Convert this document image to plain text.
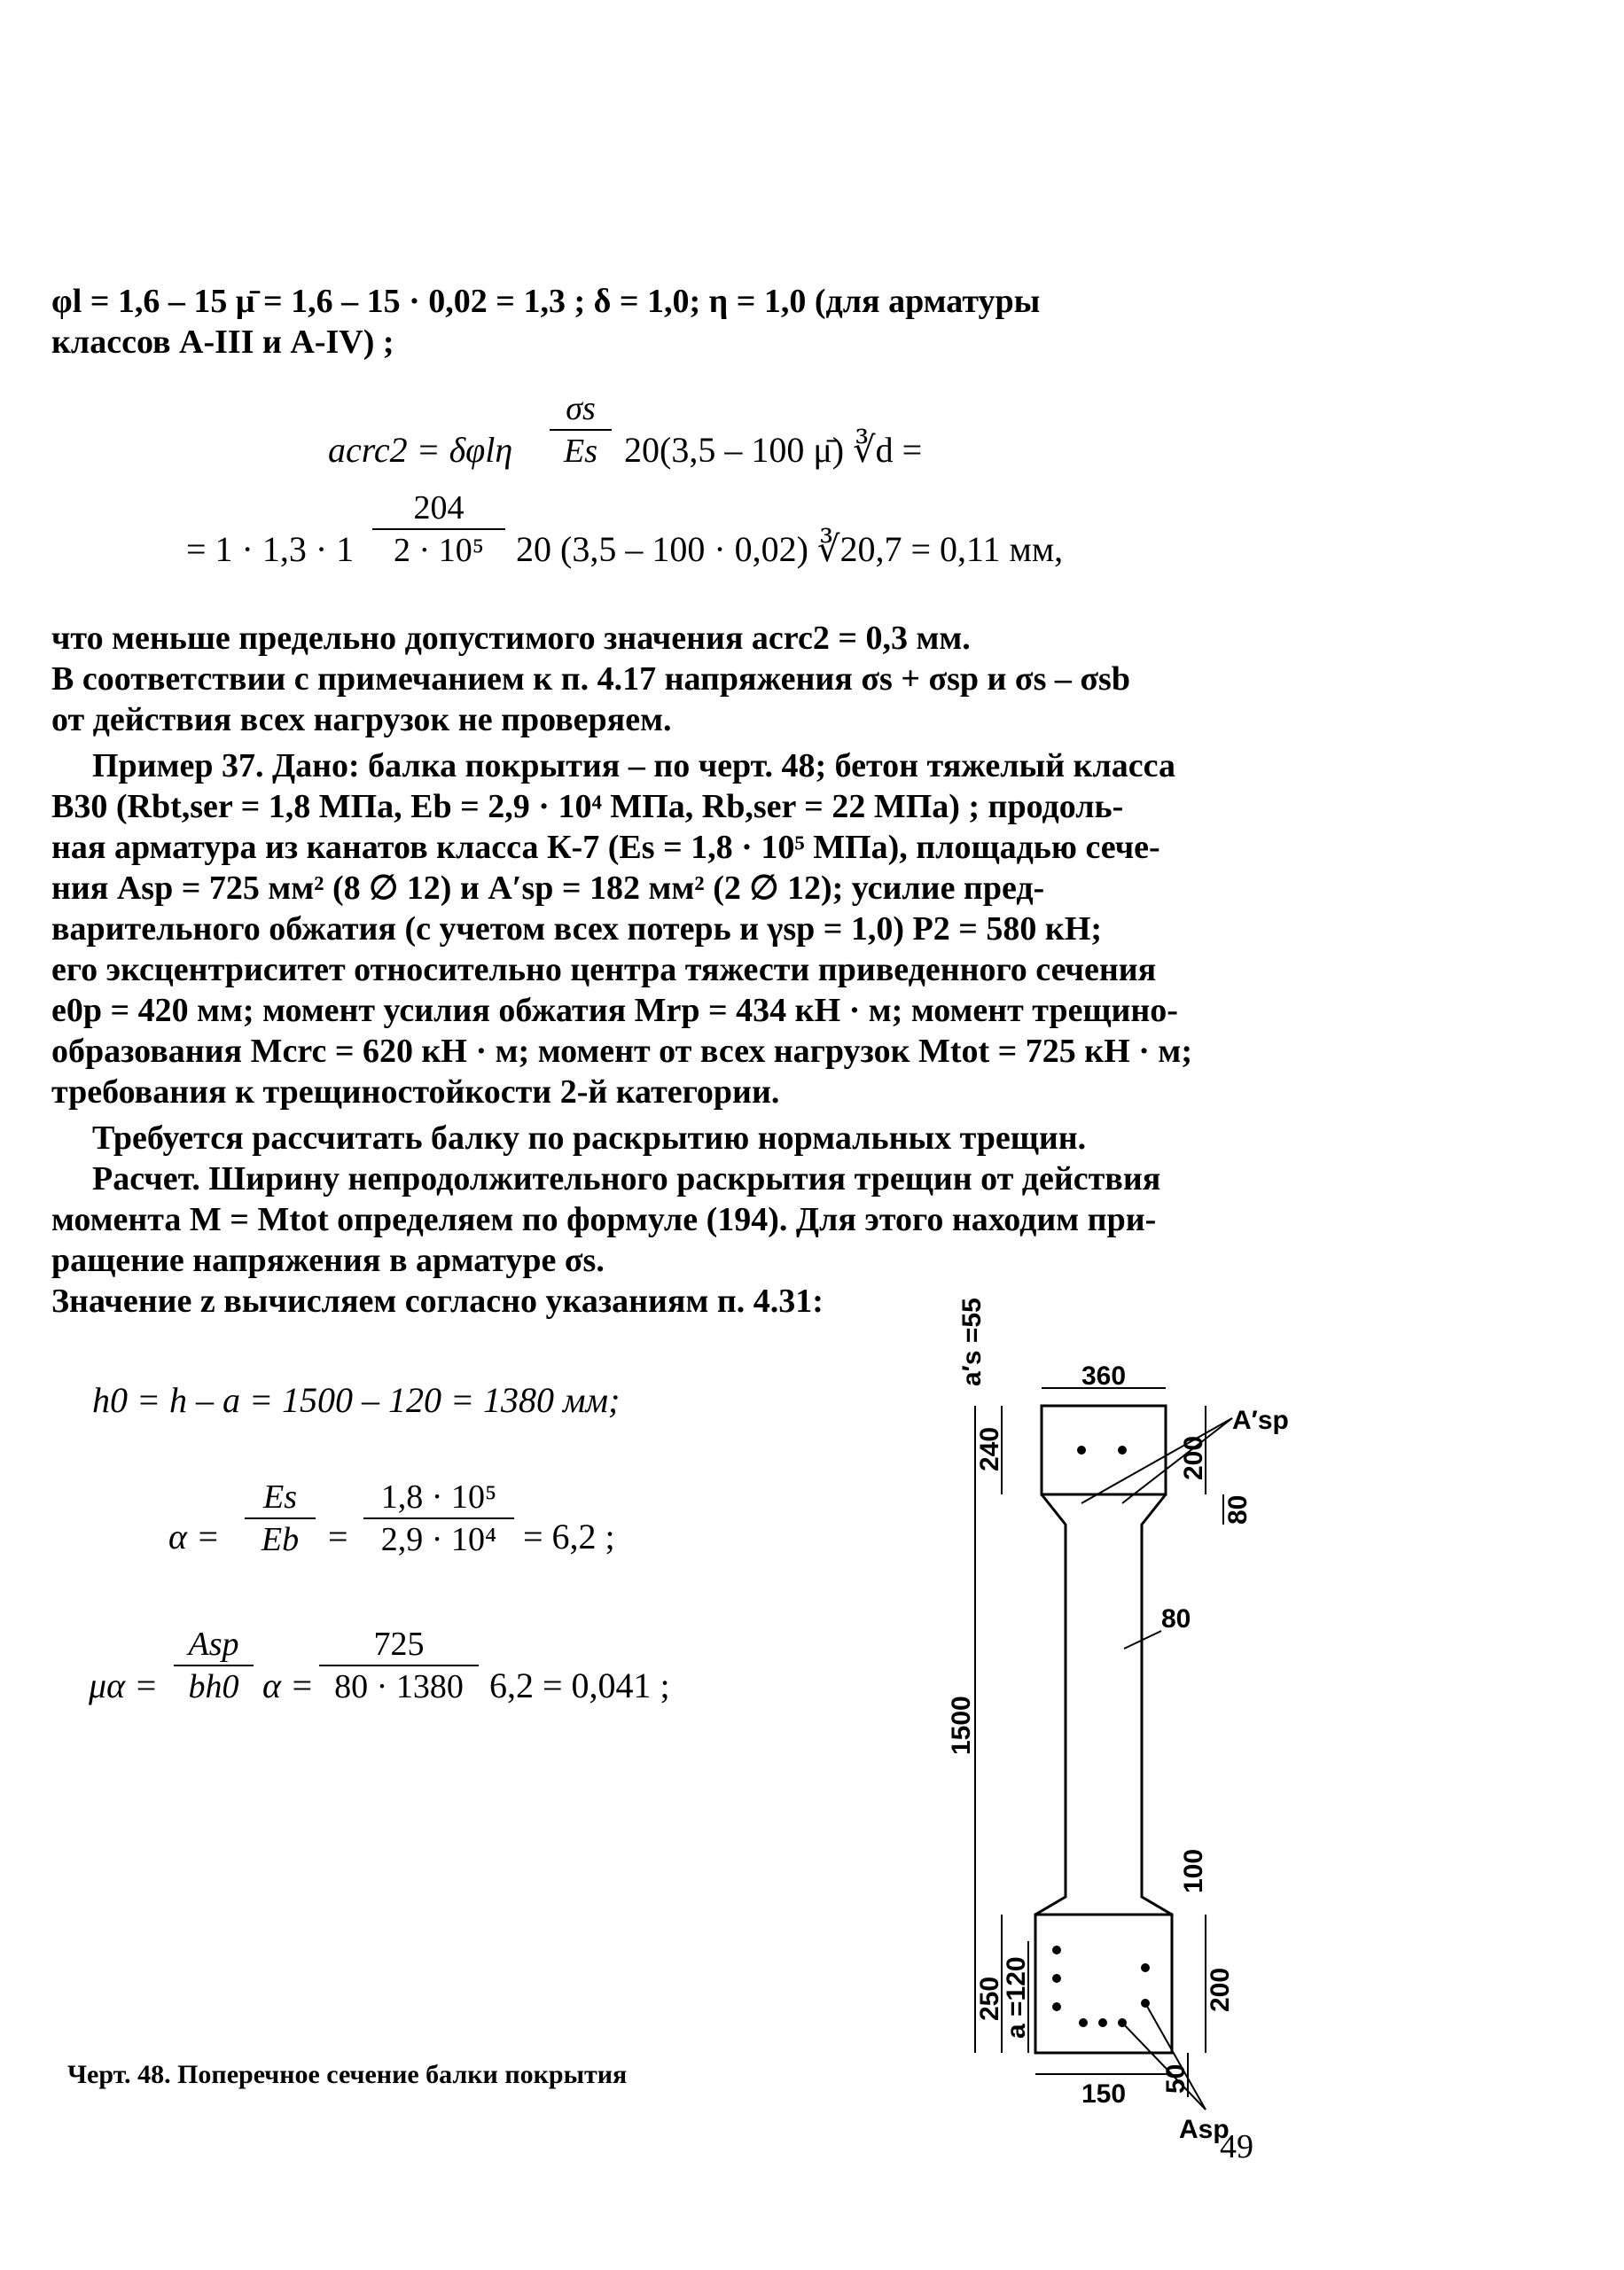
φl = 1,6 – 15 μ̄ = 1,6 – 15 · 0,02 = 1,3 ; δ = 1,0; η = 1,0 (для арматуры
классов A-III и A-IV) ;
acrc2 = δφlη
σs
Es 20(3,5 – 100 μ̄) ∛d =
= 1 · 1,3 · 1
204
2 · 10⁵ 20 (3,5 – 100 · 0,02) ∛20,7 = 0,11 мм,
что меньше предельно допустимого значения acrc2 = 0,3 мм.
В соответствии с примечанием к п. 4.17 напряжения σs + σsp и σs – σsb
от действия всех нагрузок не проверяем.
Пример 37. Дано: балка покрытия – по черт. 48; бетон тяжелый класса
B30 (Rbt,ser = 1,8 МПа, Eb = 2,9 · 10⁴ МПа, Rb,ser = 22 МПа) ; продоль-
ная арматура из канатов класса К-7 (Es = 1,8 · 10⁵ МПа), площадью сече-
ния Asp = 725 мм² (8 ∅ 12) и A′sp = 182 мм² (2 ∅ 12); усилие пред-
варительного обжатия (с учетом всех потерь и γsp = 1,0) P2 = 580 кН;
его эксцентриситет относительно центра тяжести приведенного сечения
e0p = 420 мм; момент усилия обжатия Mrp = 434 кН · м; момент трещино-
образования Mcrc = 620 кН · м; момент от всех нагрузок Mtot = 725 кН · м;
требования к трещиностойкости 2-й категории.
Требуется рассчитать балку по раскрытию нормальных трещин.
Расчет. Ширину непродолжительного раскрытия трещин от действия
момента M = Mtot определяем по формуле (194). Для этого находим при-
ращение напряжения в арматуре σs.
Значение z вычисляем согласно указаниям п. 4.31:
h0 = h – a = 1500 – 120 = 1380 мм;
α =
Es
Eb =
1,8 · 10⁵
2,9 · 10⁴ = 6,2 ;
μα =
Asp
bh0 α =
725
80 · 1380 6,2 = 0,041 ;
360
a′s =55
A′sp
240	200
80
80
1500
100
250
a =120	200
150
50
Asp
Черт. 48. Поперечное сечение балки покрытия
49
